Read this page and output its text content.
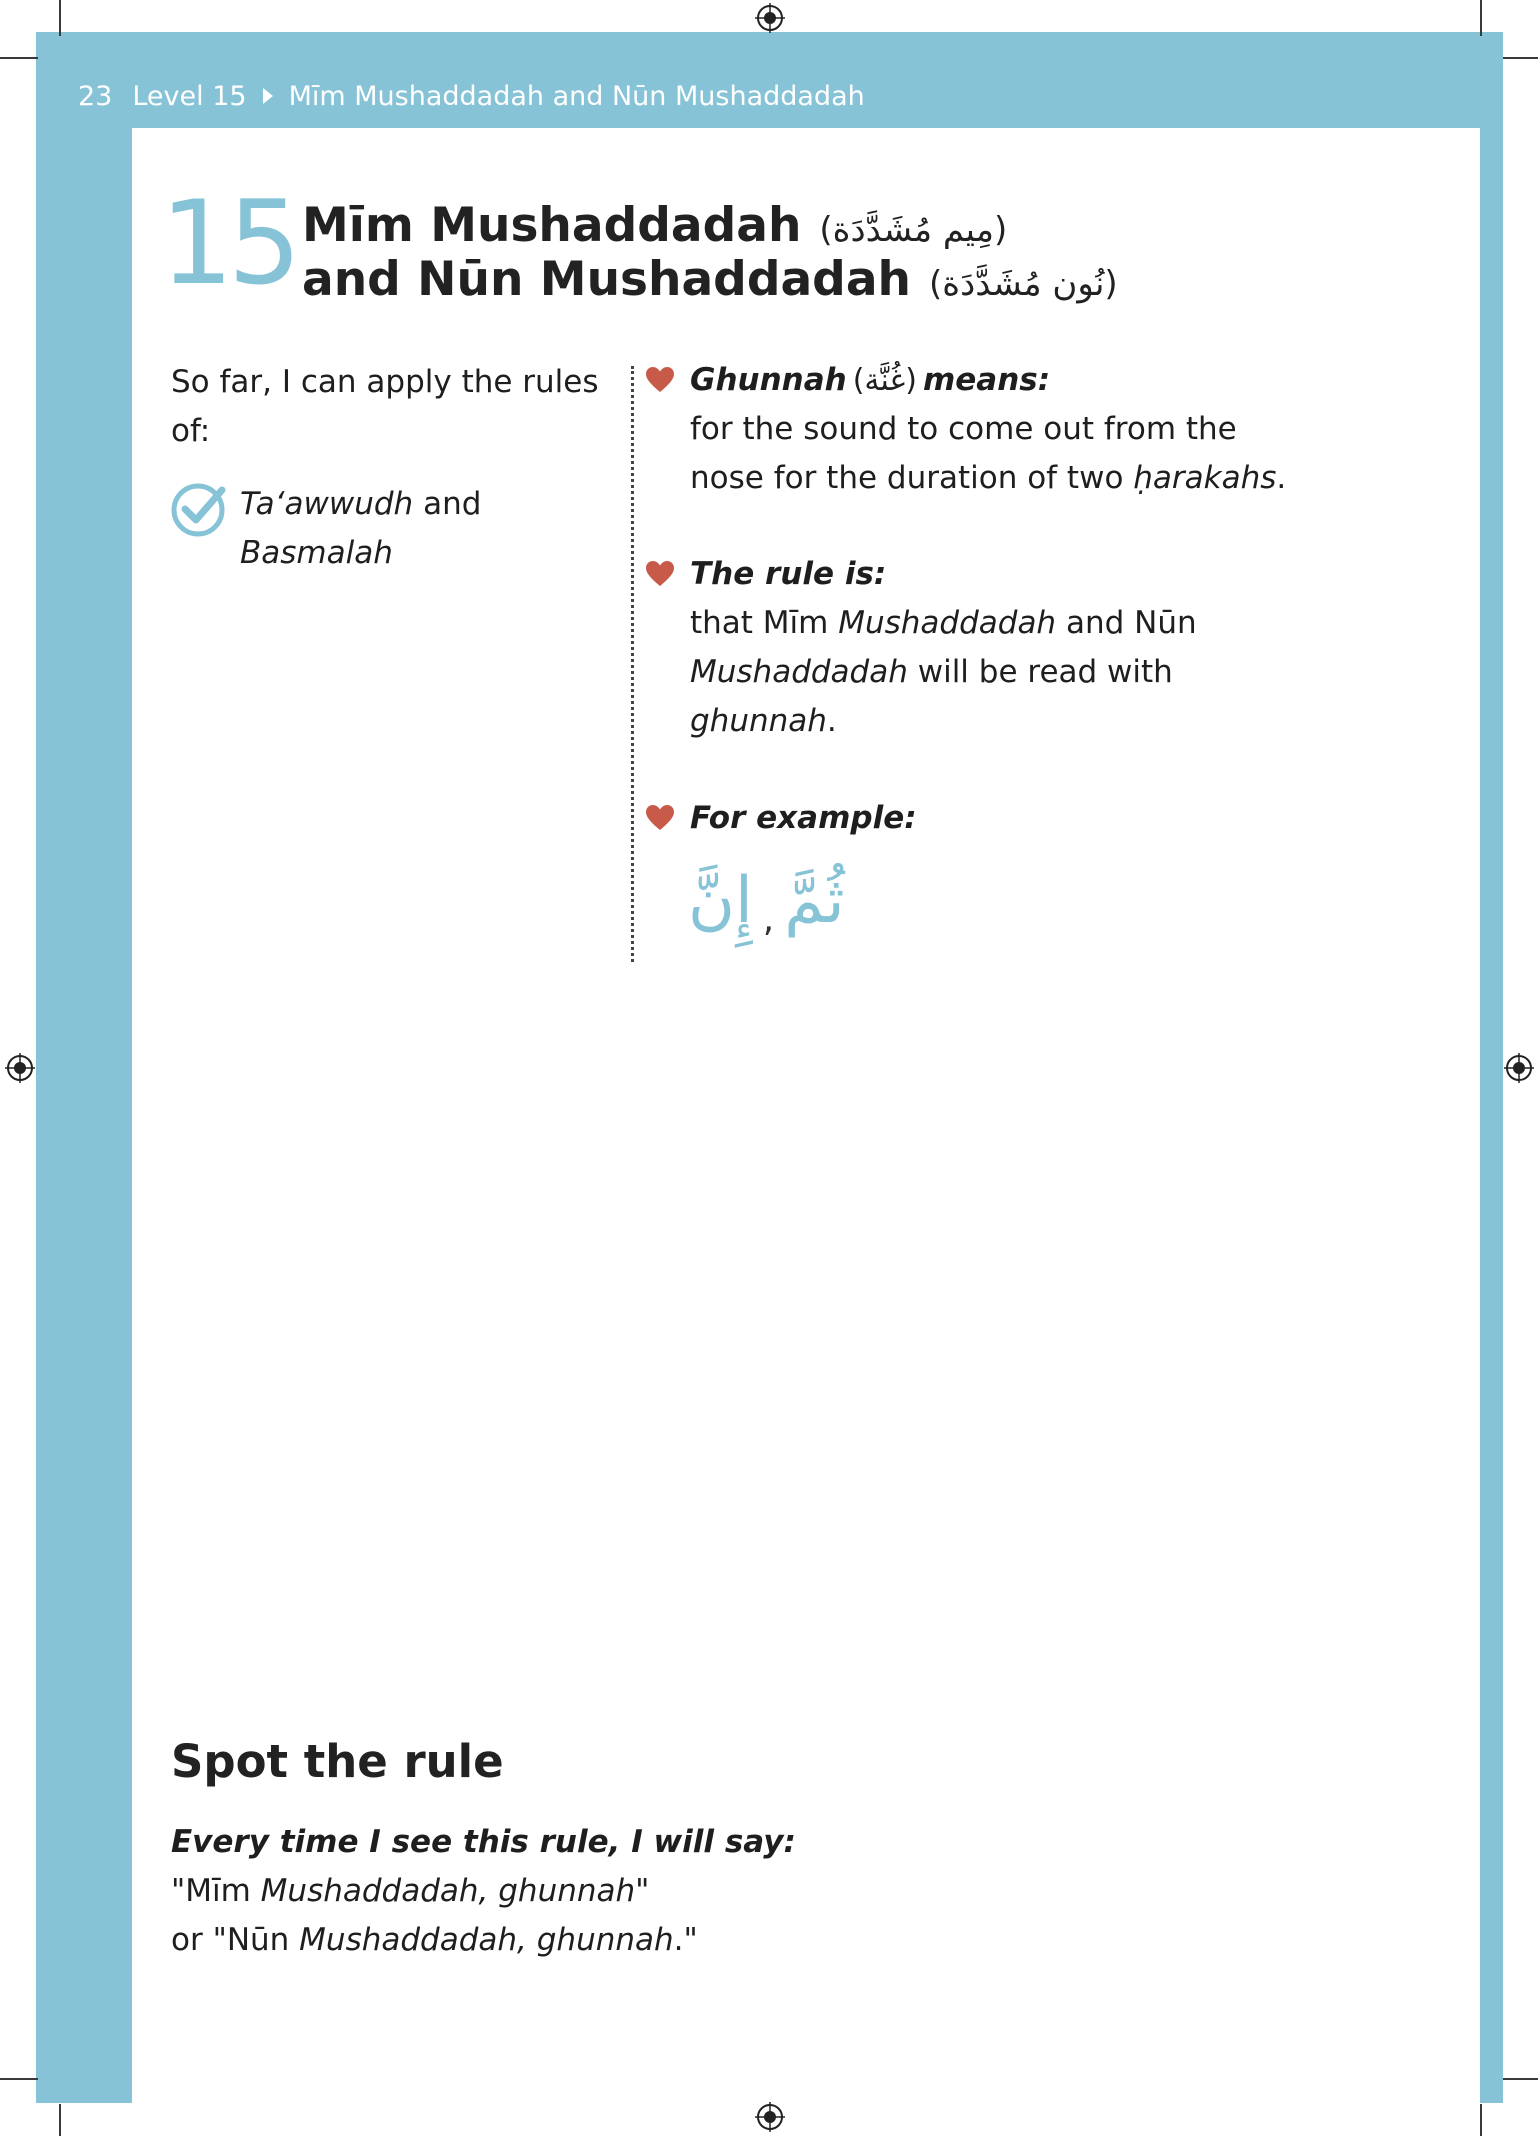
23 Level 15 Mīm Mushaddadah and Nūn Mushaddadah
15 Mīm Mushaddadah (مِيم مُشَدَّدَة)
and Nūn Mushaddadah (نُون مُشَدَّدَة)
So far, I can apply the rules
of:
Ta‘awwudh and
Basmalah
Ghunnah (غُنَّة) means:
for the sound to come out from the
nose for the duration of two ḥarakahs.
The rule is:
that Mīm Mushaddadah and Nūn
Mushaddadah will be read with
ghunnah.
For example:
ثُمَّ
,
إِنَّ
Spot the rule
Every time I see this rule, I will say:
"Mīm Mushaddadah, ghunnah"
or "Nūn Mushaddadah, ghunnah."
